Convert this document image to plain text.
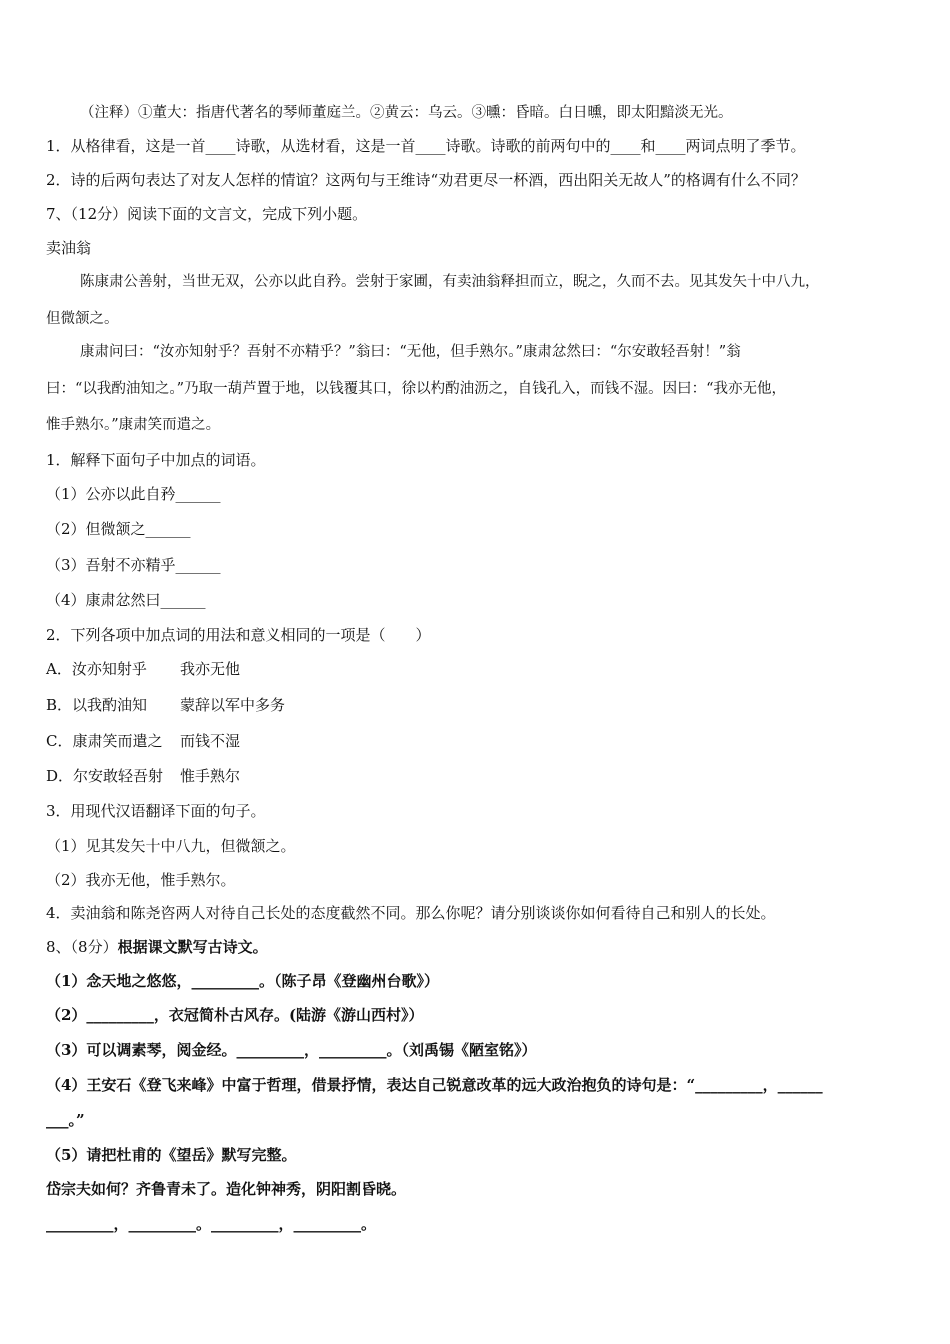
（注释）①董大：指唐代著名的琴师董庭兰。②黄云：乌云。③曛：昏暗。白日曛，即太阳黯淡无光。
1．从格律看，这是一首____诗歌，从选材看，这是一首____诗歌。诗歌的前两句中的____和____两词点明了季节。
2．诗的后两句表达了对友人怎样的情谊？这两句与王维诗“劝君更尽一杯酒，西出阳关无故人”的格调有什么不同？
7、（12分）阅读下面的文言文，完成下列小题。
卖油翁
陈康肃公善射，当世无双，公亦以此自矜。尝射于家圃，有卖油翁释担而立，睨之，久而不去。见其发矢十中八九，
但微颔之。
康肃问曰：“汝亦知射乎？吾射不亦精乎？”翁曰：“无他，但手熟尔。”康肃忿然曰：“尔安敢轻吾射！”翁
曰：“以我酌油知之。”乃取一葫芦置于地，以钱覆其口，徐以杓酌油沥之，自钱孔入，而钱不湿。因曰：“我亦无他，
惟手熟尔。”康肃笑而遣之。
1．解释下面句子中加点的词语。
（1）公亦以此自矜______
（2）但微颔之______
（3）吾射不亦精乎______
（4）康肃忿然曰______
2．下列各项中加点词的用法和意义相同的一项是（　　）
A．汝亦知射乎 我亦无他
B．以我酌油知 蒙辞以军中多务
C．康肃笑而遣之 而钱不湿
D．尔安敢轻吾射 惟手熟尔
3．用现代汉语翻译下面的句子。
（1）见其发矢十中八九，但微颔之。
（2）我亦无他，惟手熟尔。
4．卖油翁和陈尧咨两人对待自己长处的态度截然不同。那么你呢？请分别谈谈你如何看待自己和别人的长处。
8、（8分）根据课文默写古诗文。
（1）念天地之悠悠，_________。（陈子昂《登幽州台歌》）
（2）_________，衣冠简朴古风存。(陆游《游山西村》）
（3）可以调素琴，阅金经。_________，_________。（刘禹锡《陋室铭》）
（4）王安石《登飞来峰》中富于哲理，借景抒情，表达自己锐意改革的远大政治抱负的诗句是：“_________，______
___。”
（5）请把杜甫的《望岳》默写完整。
岱宗夫如何？齐鲁青未了。造化钟神秀，阴阳割昏晓。
_________，_________。_________，_________。
